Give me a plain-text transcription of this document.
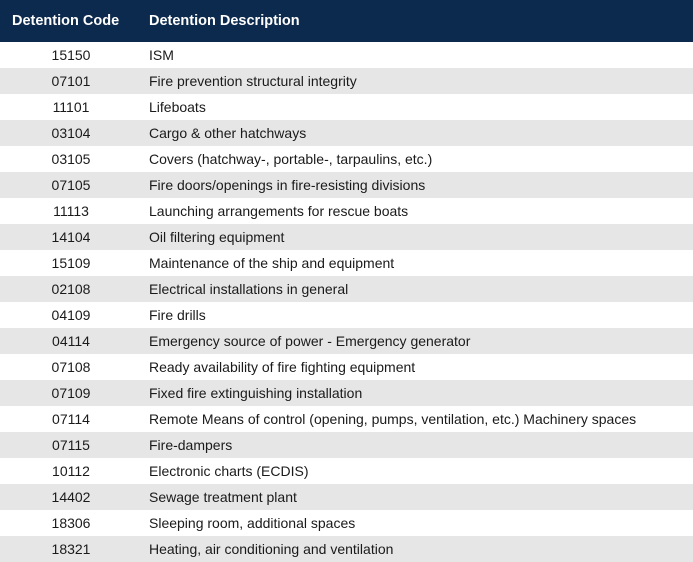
Detention Code	Detention Description
15150	ISM
07101	Fire prevention structural integrity
11101	Lifeboats
03104	Cargo & other hatchways
03105	Covers (hatchway-, portable-, tarpaulins, etc.)
07105	Fire doors/openings in fire-resisting divisions
11113	Launching arrangements for rescue boats
14104	Oil filtering equipment
15109	Maintenance of the ship and equipment
02108	Electrical installations in general
04109	Fire drills
04114	Emergency source of power - Emergency generator
07108	Ready availability of fire fighting equipment
07109	Fixed fire extinguishing installation
07114	Remote Means of control (opening, pumps, ventilation, etc.) Machinery spaces
07115	Fire-dampers
10112	Electronic charts (ECDIS)
14402	Sewage treatment plant
18306	Sleeping room, additional spaces
18321	Heating, air conditioning and ventilation
